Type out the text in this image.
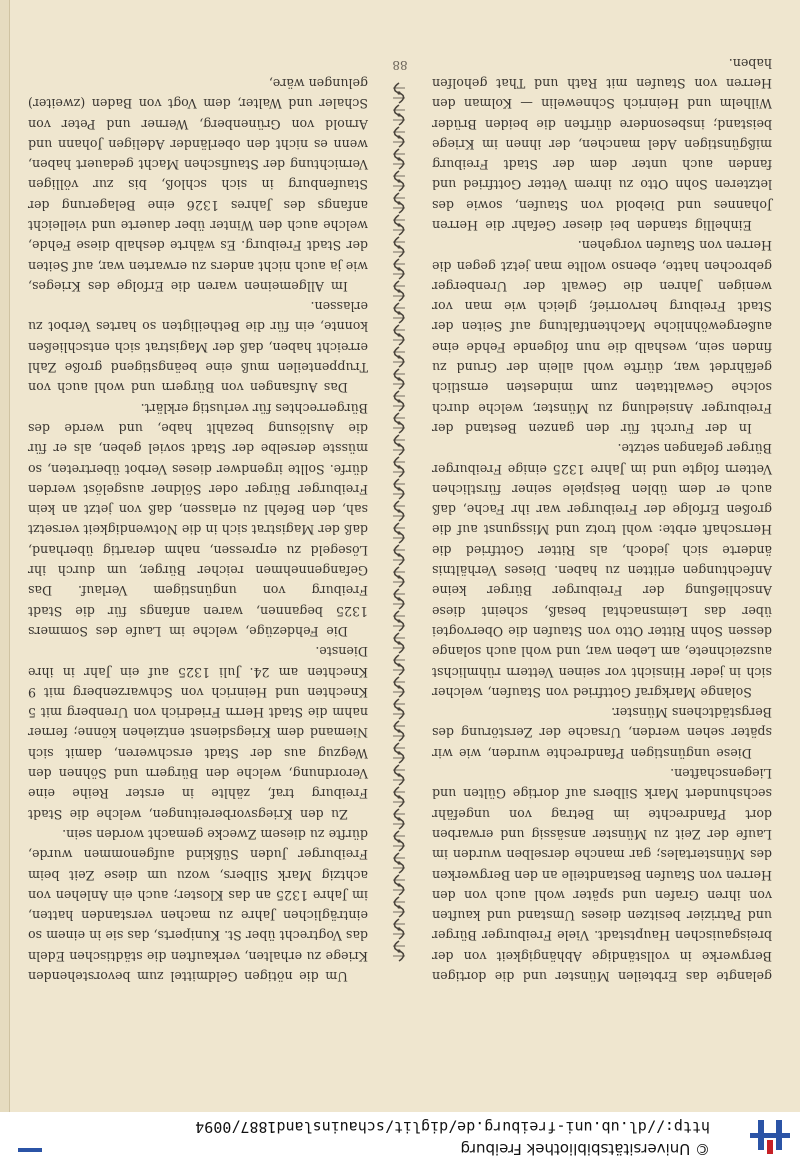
© Universitätsbibliothek Freiburg
http://dl.ub.uni-freiburg.de/diglit/schauinsland1887/0094

gelangte das Erbteilen Münster und die dortigen Bergwerke in vollständige Abhängigkeit von der breisgauischen Hauptstadt. Viele Freiburger Bürger und Patrizier besitzen dieses Umstand und kauften von ihren Grafen und später wohl auch von den Herren von Staufen Bestandteile an den Bergwerken des Münstertales; gar manche derselben wurden im Laufe der Zeit zu Münster ansässig und erwarben dort Pfandrechte im Betrag von ungefähr sechshundert Mark Silbers auf dortige Gülten und Liegenschaften.

Diese ungünstigen Pfandrechte wurden, wie wir später sehen werden, Ursache der Zerstörung des Bergstädtchens Münster.

Solange Markgraf Gottfried von Staufen, welcher sich in jeder Hinsicht vor seinen Vettern rühmlichst auszeichnete, am Leben war, und wohl auch solange dessen Sohn Ritter Otto von Staufen die Obervogtei über das Leimsnachtal besaß, scheint diese Anschließung der Freiburger Bürger keine Anfechtungen erlitten zu haben. Dieses Verhältnis änderte sich jedoch, als Ritter Gottfried die Herrschaft erbte: wohl trotz und Missgunst auf die großen Erfolge der Freiburger war ihr Fache, daß auch er dem üblen Beispiele seiner fürstlichen Vettern folgte und im Jahre 1325 einige Freiburger Bürger gefangen setzte.

In der Furcht für den ganzen Bestand der Freiburger Ansiedlung zu Münster, welche durch solche Gewalttaten zum mindesten ernstlich gefährdet war, dürfte wohl allein der Grund zu finden sein, weshalb die nun folgende Fehde eine außergewöhnliche Machtentfaltung auf Seiten der Stadt Freiburg hervorrief; gleich wie man vor wenigen Jahren die Gewalt der Urenberger gebrochen hatte, ebenso wollte man jetzt gegen die Herren von Staufen vorgehen.

Einhellig standen bei dieser Gefahr die Herren Johannes und Diebold von Staufen, sowie des letzteren Sohn Otto zu ihrem Vetter Gottfried und fanden auch unter dem der Stadt Freiburg mißgünstigen Adel manchen, der ihnen im Kriege beistand; insbesondere dürften die beiden Brüder Wilhelm und Heinrich Schnewelin — Kolman den Herren von Staufen mit Rath und That geholfen haben.

Um die nötigen Geldmittel zum bevorstehenden Kriege zu erhalten, verkauften die städtischen Edeln das Vogtrecht über St. Kuniperts, das sie in einem so einträglichen Jahre zu machen verstanden hatten, im Jahre 1325 an das Kloster; auch ein Anlehen von achtzig Mark Silbers, wozu um diese Zeit beim Freiburger Juden Süßkind aufgenommen wurde, dürfte zu diesem Zwecke gemacht worden sein.

Zu den Kriegsvorbereitungen, welche die Stadt Freiburg traf, zählte in erster Reihe eine Verordnung, welche den Bürgern und Söhnen den Wegzug aus der Stadt erschweren, damit sich Niemand dem Kriegsdienst entziehen könne; ferner nahm die Stadt Herrn Friedrich von Urenberg mit 5 Knechten und Heinrich von Schwarzenberg mit 9 Knechten am 24. Juli 1325 auf ein Jahr in ihre Dienste.

Die Fehdezüge, welche im Laufe des Sommers 1325 begannen, waren anfangs für die Stadt Freiburg von ungünstigem Verlauf. Das Gefangennehmen reicher Bürger, um durch ihr Lösegeld zu erpressen, nahm derartig überhand, daß der Magistrat sich in die Notwendigkeit versetzt sah, den Befehl zu erlassen, daß von jetzt an kein Freiburger Bürger oder Söldner ausgelöst werden dürfe. Sollte irgendwer dieses Verbot übertreten, so müsste derselbe der Stadt soviel geben, als er für die Auslösung bezahlt habe, und werde des Bürgerrechtes für verlustig erklärt.

Das Aufsangen von Bürgern und wohl auch von Truppenteilen muß eine beängstigend große Zahl erreicht haben, daß der Magistrat sich entschließen konnte, ein für die Betheiligten so hartes Verbot zu erlassen.

Im Allgemeinen waren die Erfolge des Krieges, wie ja auch nicht anders zu erwarten war, auf Seiten der Stadt Freiburg. Es währte deshalb diese Fehde, welche auch den Winter über dauerte und vielleicht anfangs des Jahres 1326 eine Belagerung der Staufenburg in sich schloß, bis zur völligen Vernichtung der Staufischen Macht gedauert haben, wenn es nicht den oberländer Adeligen Johann und Arnold von Grünenberg, Werner und Peter von Schaler und Walter, dem Vogt von Baden (zweiter) gelungen wäre,

88
